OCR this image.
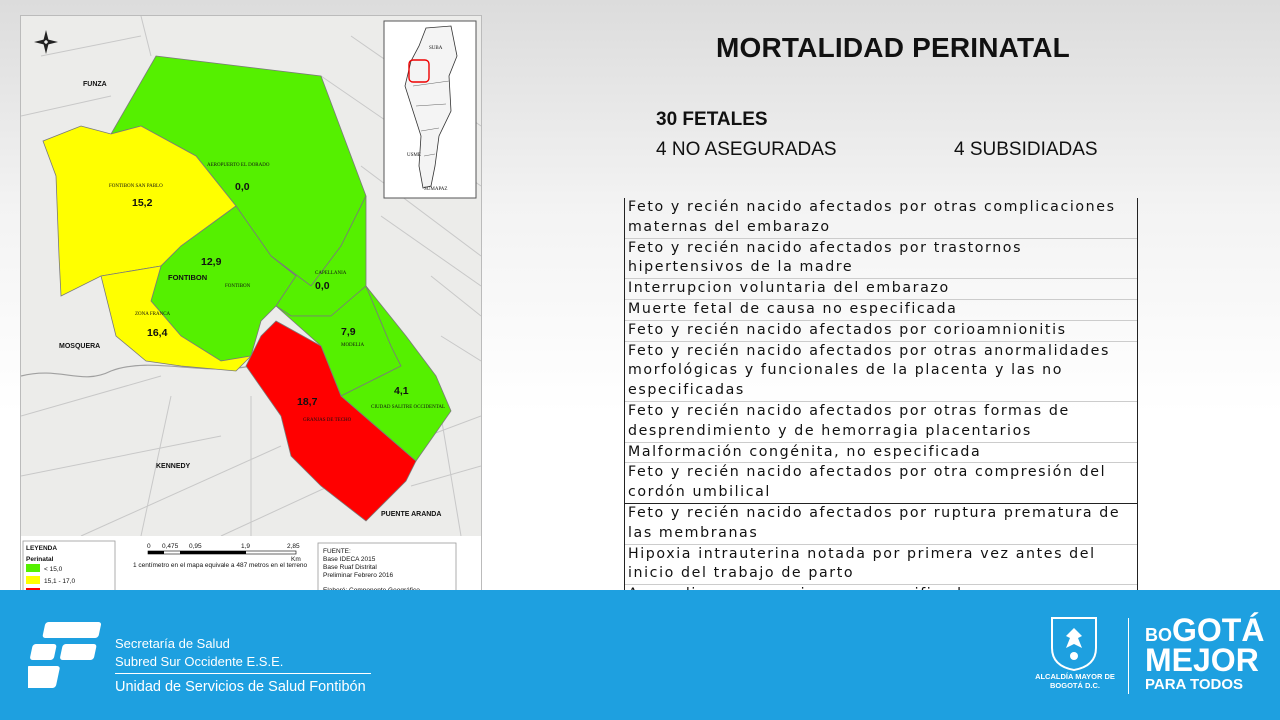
FUNZA
MOSQUERA
KENNEDY
PUENTE ARANDA
FONTIBON
AEROPUERTO EL DORADO
FONTIBON SAN PABLO
FONTIBON
CAPELLANIA
ZONA FRANCA
MODELIA
GRANJAS DE TECHO
CIUDAD SALITRE OCCIDENTAL
0,0
15,2
12,9
0,0
16,4	7,9
18,7
4,1
SUBA
USME
SUMAPAZ
LEYENDA
Perinatal
< 15,0
15,1 - 17,0
0 0,475 0,95	1,9	2,85
Km
1 centímetro en el mapa equivale a 487 metros en el terreno
FUENTE:
Base IDECA 2015
Base Ruaf Distrital
Preliminar Febrero 2016
MORTALIDAD PERINATAL
30 FETALES
4 NO ASEGURADAS	4 SUBSIDIADAS
Feto y recién nacido afectados por otras complicaciones maternas del embarazo
Feto y recién nacido afectados por trastornos hipertensivos de la madre
Interrupcion voluntaria del embarazo
Muerte fetal de causa no especificada
Feto y recién nacido afectados por corioamnionitis
Feto y recién nacido afectados por otras anormalidades morfológicas y funcionales de la placenta y las no especificadas
Feto y recién nacido afectados por otras formas de desprendimiento y de hemorragia placentarios
Malformación congénita, no especificada
Feto y recién nacido afectados por otra compresión del cordón umbilical
Feto y recién nacido afectados por ruptura prematura de las membranas
Hipoxia intrauterina notada por primera vez antes del inicio del trabajo de parto
Secretaría de Salud
Subred Sur Occidente E.S.E.
Unidad de Servicios de Salud Fontibón
ALCALDÍA MAYOR DE BOGOTÁ D.C.
BOGOTÁ
MEJOR
PARA TODOS
